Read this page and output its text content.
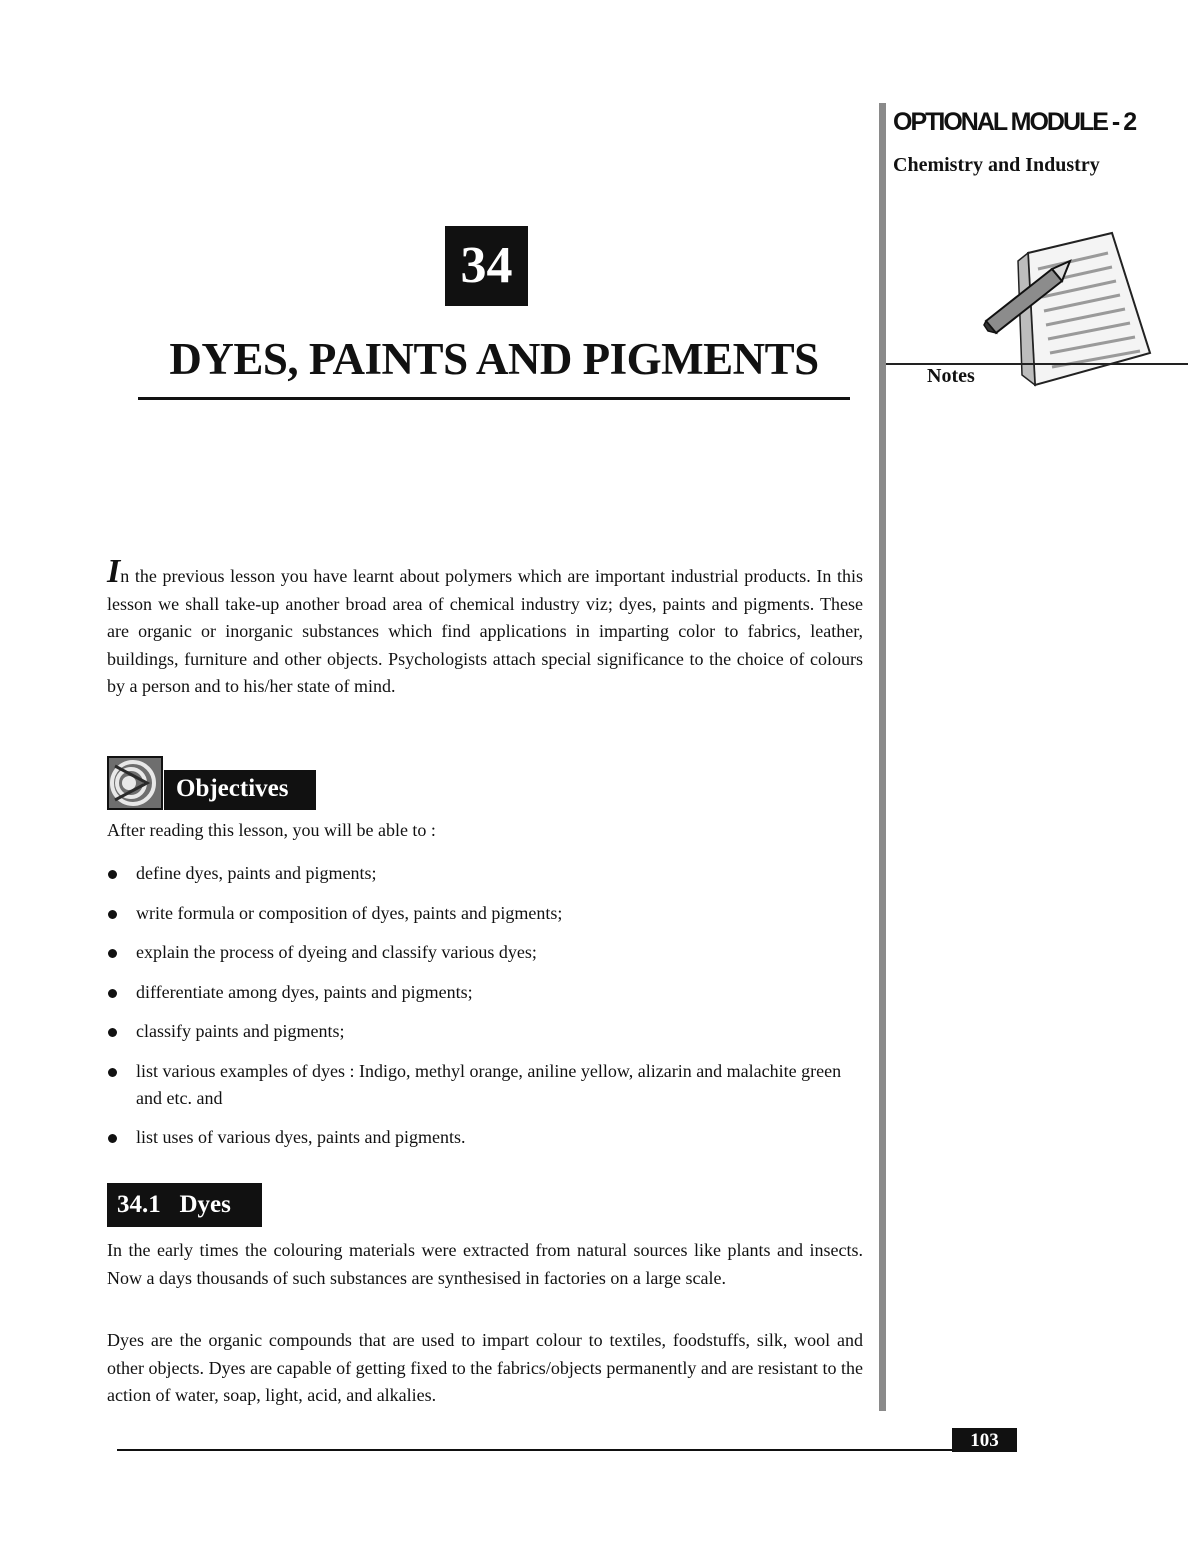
OPTIONAL MODULE - 2
Chemistry and Industry
Notes
34
DYES, PAINTS AND PIGMENTS

In the previous lesson you have learnt about polymers which are important industrial products. In this lesson we shall take-up another broad area of chemical industry viz; dyes, paints and pigments. These are organic or inorganic substances which find applications in imparting color to fabrics, leather, buildings, furniture and other objects. Psychologists attach special significance to the choice of colours by a person and to his/her state of mind.

Objectives
After reading this lesson, you will be able to :
define dyes, paints and pigments;
write formula or composition of dyes, paints and pigments;
explain the process of dyeing and classify various dyes;
differentiate among dyes, paints and pigments;
classify paints and pigments;
list various examples of dyes : Indigo, methyl orange, aniline yellow, alizarin and malachite green and etc. and
list uses of various dyes, paints and pigments.
34.1   Dyes

In the early times the colouring materials were extracted from natural sources like plants and insects. Now a days thousands of such substances are synthesised in factories on a large scale.

Dyes are the organic compounds that are used to impart colour to textiles, foodstuffs, silk, wool and other objects. Dyes are capable of getting fixed to the fabrics/objects permanently and are resistant to the action of water, soap, light, acid, and alkalies.

103
